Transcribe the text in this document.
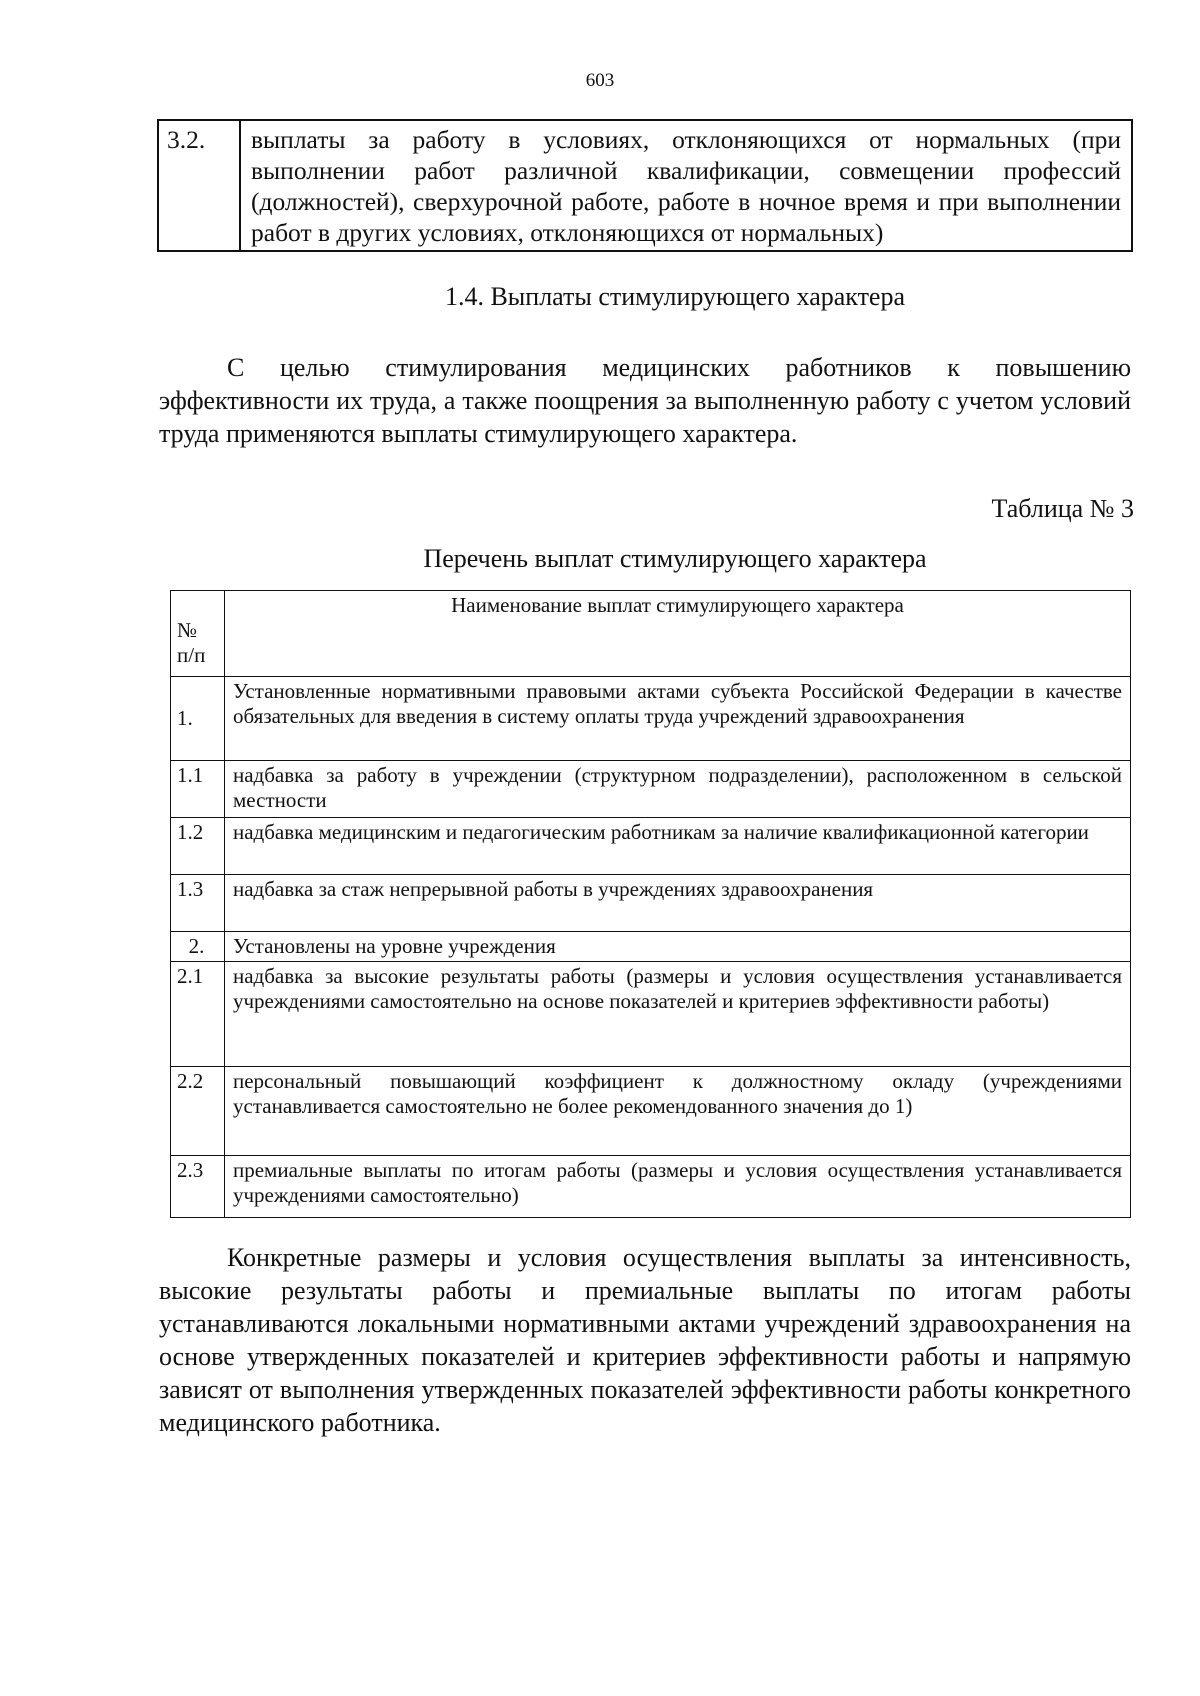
603
3.2.	выплаты за работу в условиях, отклоняющихся от нормальных (при выполнении работ различной квалификации, совмещении профессий (должностей), сверхурочной работе, работе в ночное время и при выполнении работ в других условиях, отклоняющихся от нормальных)
1.4. Выплаты стимулирующего характера

С целью стимулирования медицинских работников к повышению эффективности их труда, а также поощрения за выполненную работу с учетом условий труда применяются выплаты стимулирующего характера.

Таблица № 3
Перечень выплат стимулирующего характера
№ п/п	Наименование выплат стимулирующего характера
1.	Установленные нормативными правовыми актами субъекта Российской Федерации в качестве обязательных для введения в систему оплаты труда учреждений здравоохранения
1.1	надбавка за работу в учреждении (структурном подразделении), расположенном в сельской местности
1.2	надбавка медицинским и педагогическим работникам за наличие квалификационной категории
1.3	надбавка за стаж непрерывной работы в учреждениях здравоохранения
2.	Установлены на уровне учреждения
2.1	надбавка за высокие результаты работы (размеры и условия осуществления устанавливается учреждениями самостоятельно на основе показателей и критериев эффективности работы)
2.2	персональный повышающий коэффициент к должностному окладу (учреждениями устанавливается самостоятельно не более рекомендованного значения до 1)
2.3	премиальные выплаты по итогам работы (размеры и условия осуществления устанавливается учреждениями самостоятельно)

Конкретные размеры и условия осуществления выплаты за интенсивность, высокие результаты работы и премиальные выплаты по итогам работы устанавливаются локальными нормативными актами учреждений здравоохранения на основе утвержденных показателей и критериев эффективности работы и напрямую зависят от выполнения утвержденных показателей эффективности работы конкретного медицинского работника.
